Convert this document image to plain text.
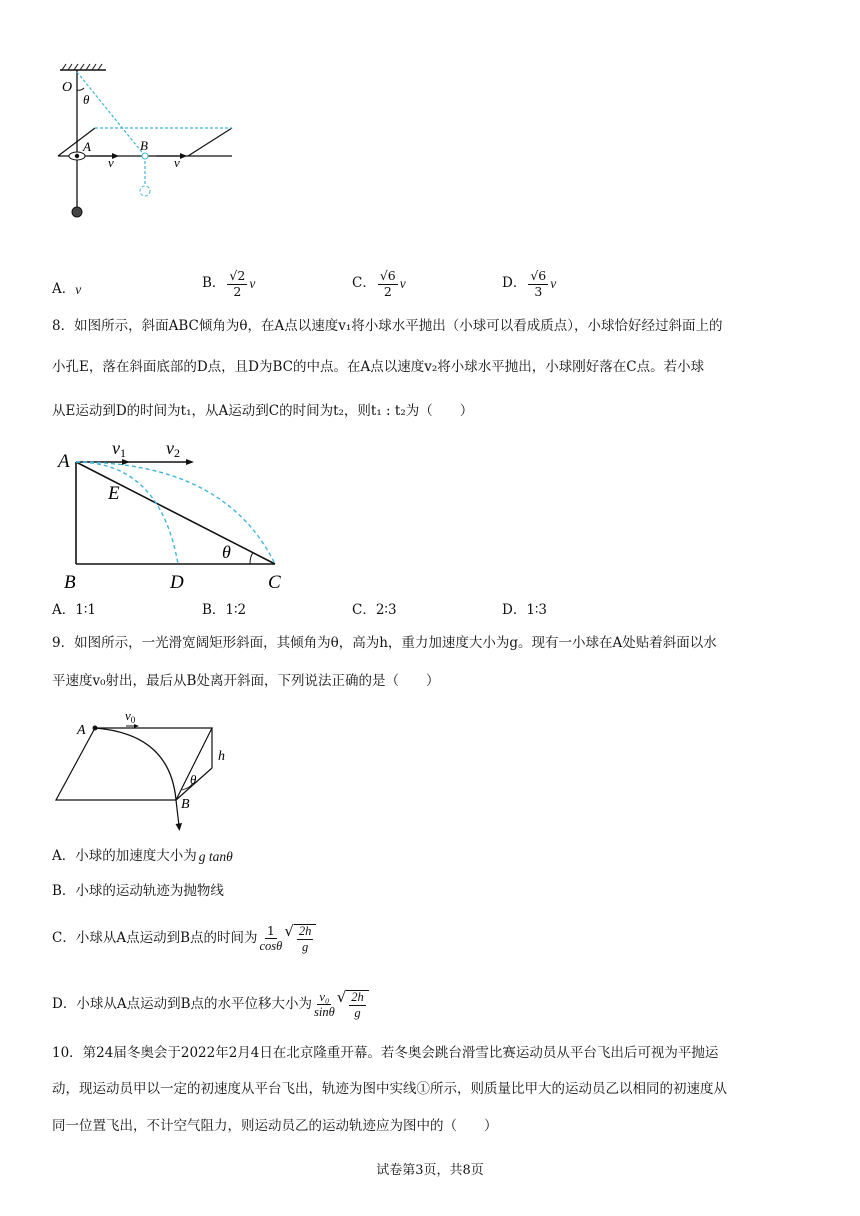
O
θ
A	B
v	v
A． v	B． $\frac{√2}{2}$ v	C． $\frac{√6}{2}$ v	D． $\frac{√6}{3}$ v
8．如图所示，斜面ABC倾角为θ，在A点以速度v₁将小球水平抛出（小球可以看成质点），小球恰好经过斜面上的
小孔E，落在斜面底部的D点，且D为BC的中点。在A点以速度v₂将小球水平抛出，小球刚好落在C点。若小球
从E运动到D的时间为t₁，从A运动到C的时间为t₂，则t₁ : t₂为（　　）
A
E
B	D	C
θ
v1 v2
A． 1∶1	B． 1∶2	C． 2∶3	D． 1∶3
9．如图所示，一光滑宽阔矩形斜面，其倾角为θ，高为h，重力加速度大小为g。现有一小球在A处贴着斜面以水
平速度v₀射出，最后从B处离开斜面，下列说法正确的是（　　）
A
B
h
θ
$v_0$
A．小球的加速度大小为 g tanθ
B．小球的运动轨迹为抛物线
C．小球从A点运动到B点的时间为 $\frac{1}{\cos\theta}$ √ $\frac{2h}{g}$
D．小球从A点运动到B点的水平位移大小为 $\frac{\text{v₀}}{\sin\theta}$ √ $\frac{2h}{g}$
10．第24届冬奥会于2022年2月4日在北京隆重开幕。若冬奥会跳台滑雪比赛运动员从平台飞出后可视为平抛运
动，现运动员甲以一定的初速度从平台飞出，轨迹为图中实线①所示，则质量比甲大的运动员乙以相同的初速度从
同一位置飞出，不计空气阻力，则运动员乙的运动轨迹应为图中的（　　）
试卷第3页，共8页
